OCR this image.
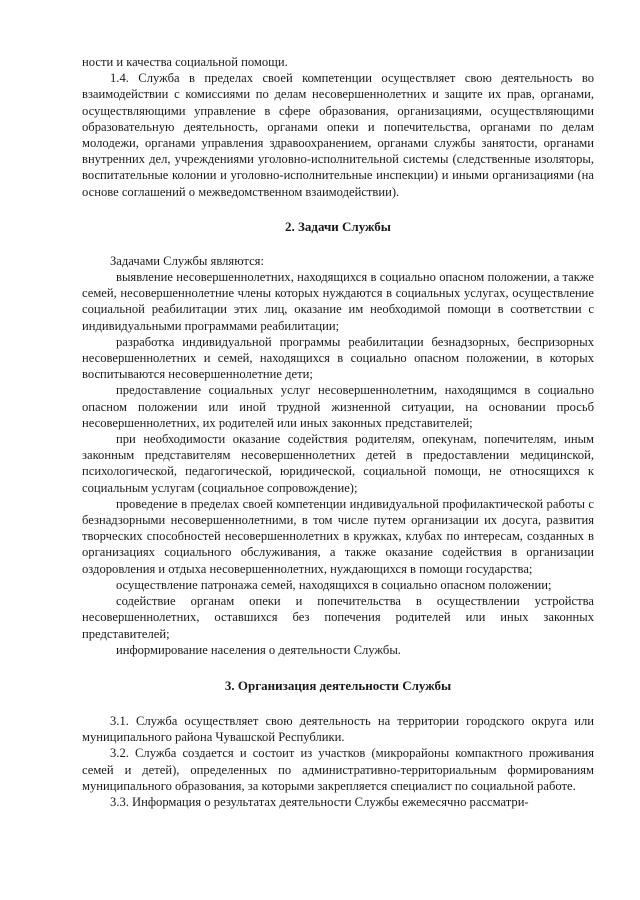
ности и качества социальной помощи.

1.4. Служба в пределах своей компетенции осуществляет свою деятельность во взаимодействии с комиссиями по делам несовершеннолетних и защите их прав, органами, осуществляющими управление в сфере образования, организациями, осуществляющими образовательную деятельность, органами опеки и попечительства, органами по делам молодежи, органами управления здравоохранением, органами службы занятости, органами внутренних дел, учреждениями уголовно-исполнительной системы (следственные изоляторы, воспитательные колонии и уголовно-исполнительные инспекции) и иными организациями (на основе соглашений о межведомственном взаимодействии).

2. Задачи Службы

Задачами Службы являются:

выявление несовершеннолетних, находящихся в социально опасном положении, а также семей, несовершеннолетние члены которых нуждаются в социальных услугах, осуществление социальной реабилитации этих лиц, оказание им необходимой помощи в соответствии с индивидуальными программами реабилитации;

разработка индивидуальной программы реабилитации безнадзорных, беспризорных несовершеннолетних и семей, находящихся в социально опасном положении, в которых воспитываются несовершеннолетние дети;

предоставление социальных услуг несовершеннолетним, находящимся в социально опасном положении или иной трудной жизненной ситуации, на основании просьб несовершеннолетних, их родителей или иных законных представителей;

при необходимости оказание содействия родителям, опекунам, попечителям, иным законным представителям несовершеннолетних детей в предоставлении медицинской, психологической, педагогической, юридической, социальной помощи, не относящихся к социальным услугам (социальное сопровождение);

проведение в пределах своей компетенции индивидуальной профилактической работы с безнадзорными несовершеннолетними, в том числе путем организации их досуга, развития творческих способностей несовершеннолетних в кружках, клубах по интересам, созданных в организациях социального обслуживания, а также оказание содействия в организации оздоровления и отдыха несовершеннолетних, нуждающихся в помощи государства;

осуществление патронажа семей, находящихся в социально опасном положении;

содействие органам опеки и попечительства в осуществлении устройства несовершеннолетних, оставшихся без попечения родителей или иных законных представителей;

информирование населения о деятельности Службы.

3. Организация деятельности Службы

3.1. Служба осуществляет свою деятельность на территории городского округа или муниципального района Чувашской Республики.

3.2. Служба создается и состоит из участков (микрорайоны компактного проживания семей и детей), определенных по административно-территориальным формированиям муниципального образования, за которыми закрепляется специалист по социальной работе.

3.3. Информация о результатах деятельности Службы ежемесячно рассматри-
